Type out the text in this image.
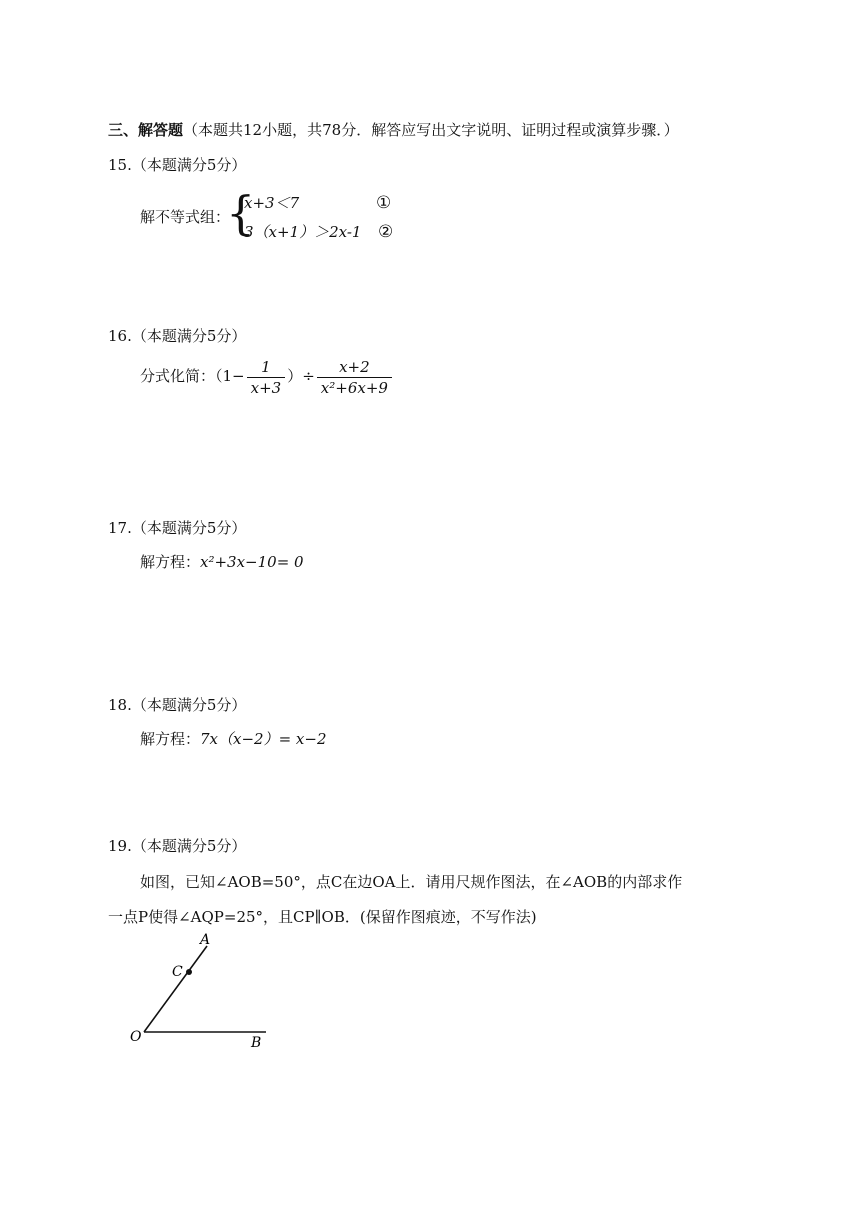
三、解答题（本题共12小题，共78分．解答应写出文字说明、证明过程或演算步骤．）
15.（本题满分5分）
解不等式组：
{
x+3＜7
3（x+1）＞2x-1
①
②
16.（本题满分5分）
分式化简：（$1- \frac{1}{x+3}$ ）÷ $\frac{x+2}{\text{x²+6x+9}}$
17.（本题满分5分）
解方程：x²+3x−10= 0
18.（本题满分5分）
解方程：7x（x−2）= x−2
19.（本题满分5分）
如图，已知∠AOB=50°，点C在边OA上．请用尺规作图法，在∠AOB的内部求作
一点P使得∠AQP=25°，且CP∥OB．(保留作图痕迹，不写作法)
A
C
O	B
